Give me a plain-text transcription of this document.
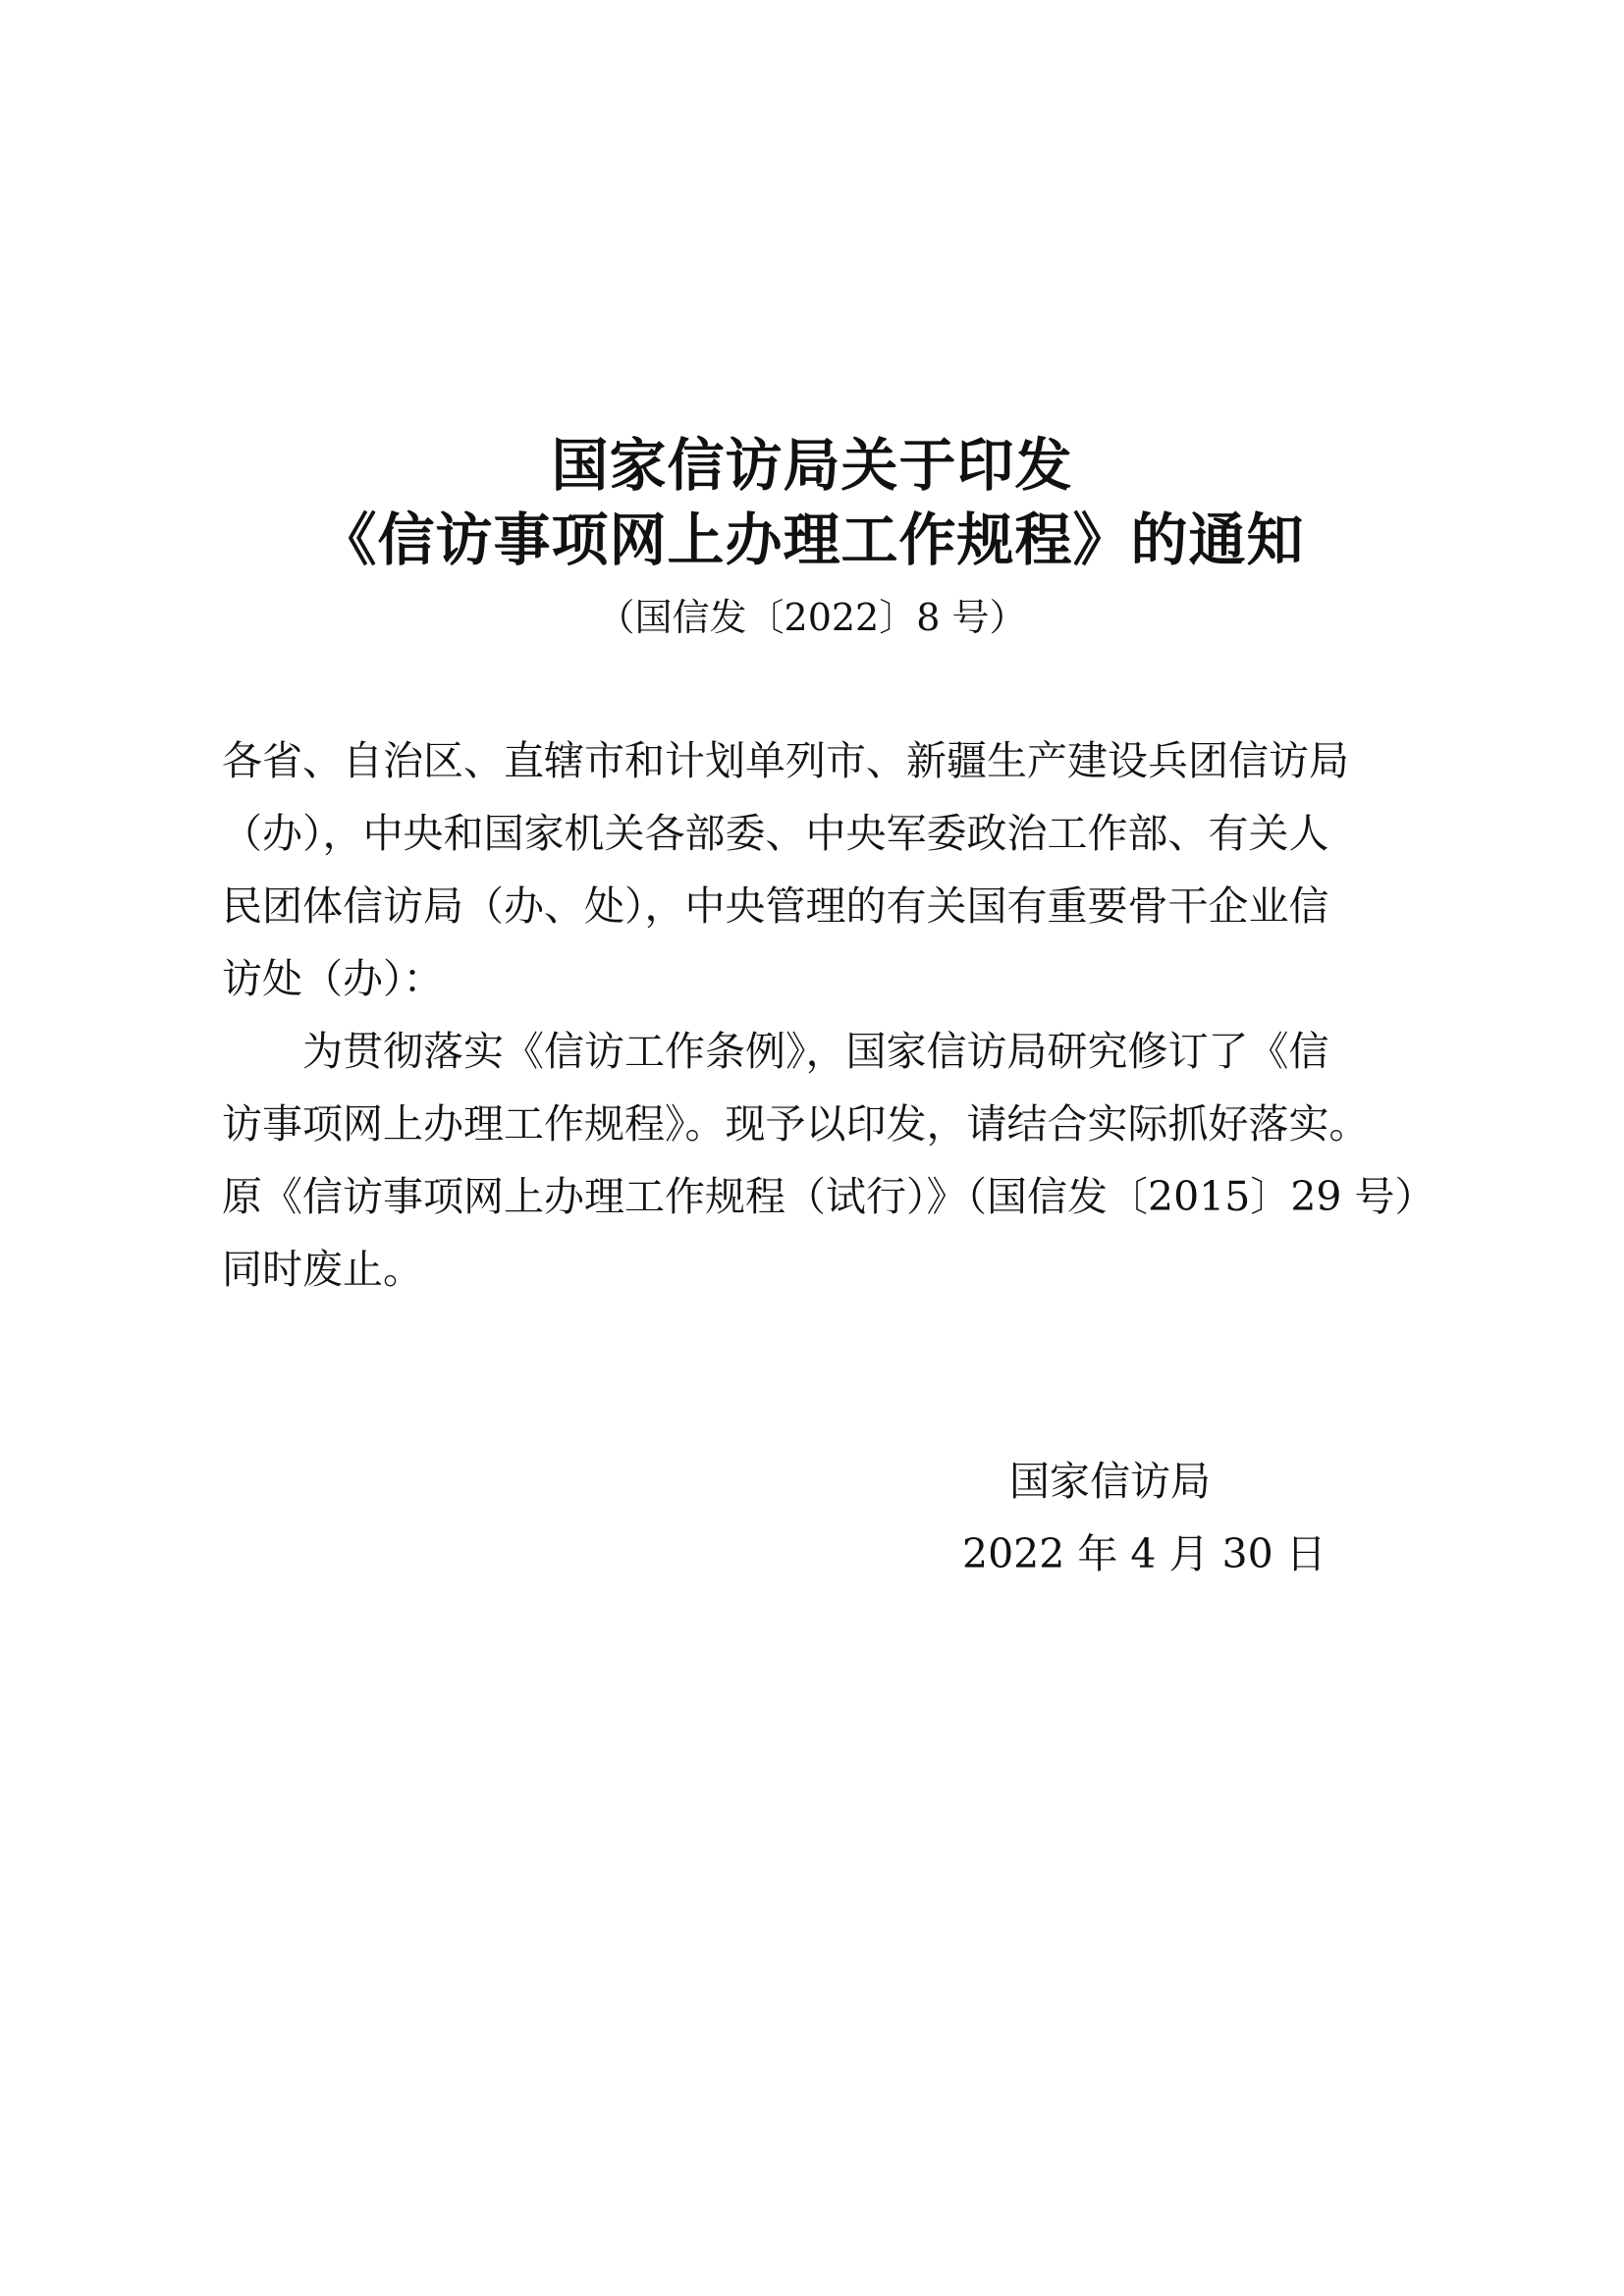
国家信访局关于印发
《信访事项网上办理工作规程》的通知
（国信发〔2022〕8 号）

各省、自治区、直辖市和计划单列市、新疆生产建设兵团信访局

（办），中央和国家机关各部委、中央军委政治工作部、有关人

民团体信访局（办、处），中央管理的有关国有重要骨干企业信

访处（办）：

　　为贯彻落实《信访工作条例》，国家信访局研究修订了《信

访事项网上办理工作规程》。现予以印发，请结合实际抓好落实。

原《信访事项网上办理工作规程（试行）》（国信发〔2015〕29 号）

同时废止。

国家信访局
2022 年 4 月 30 日
